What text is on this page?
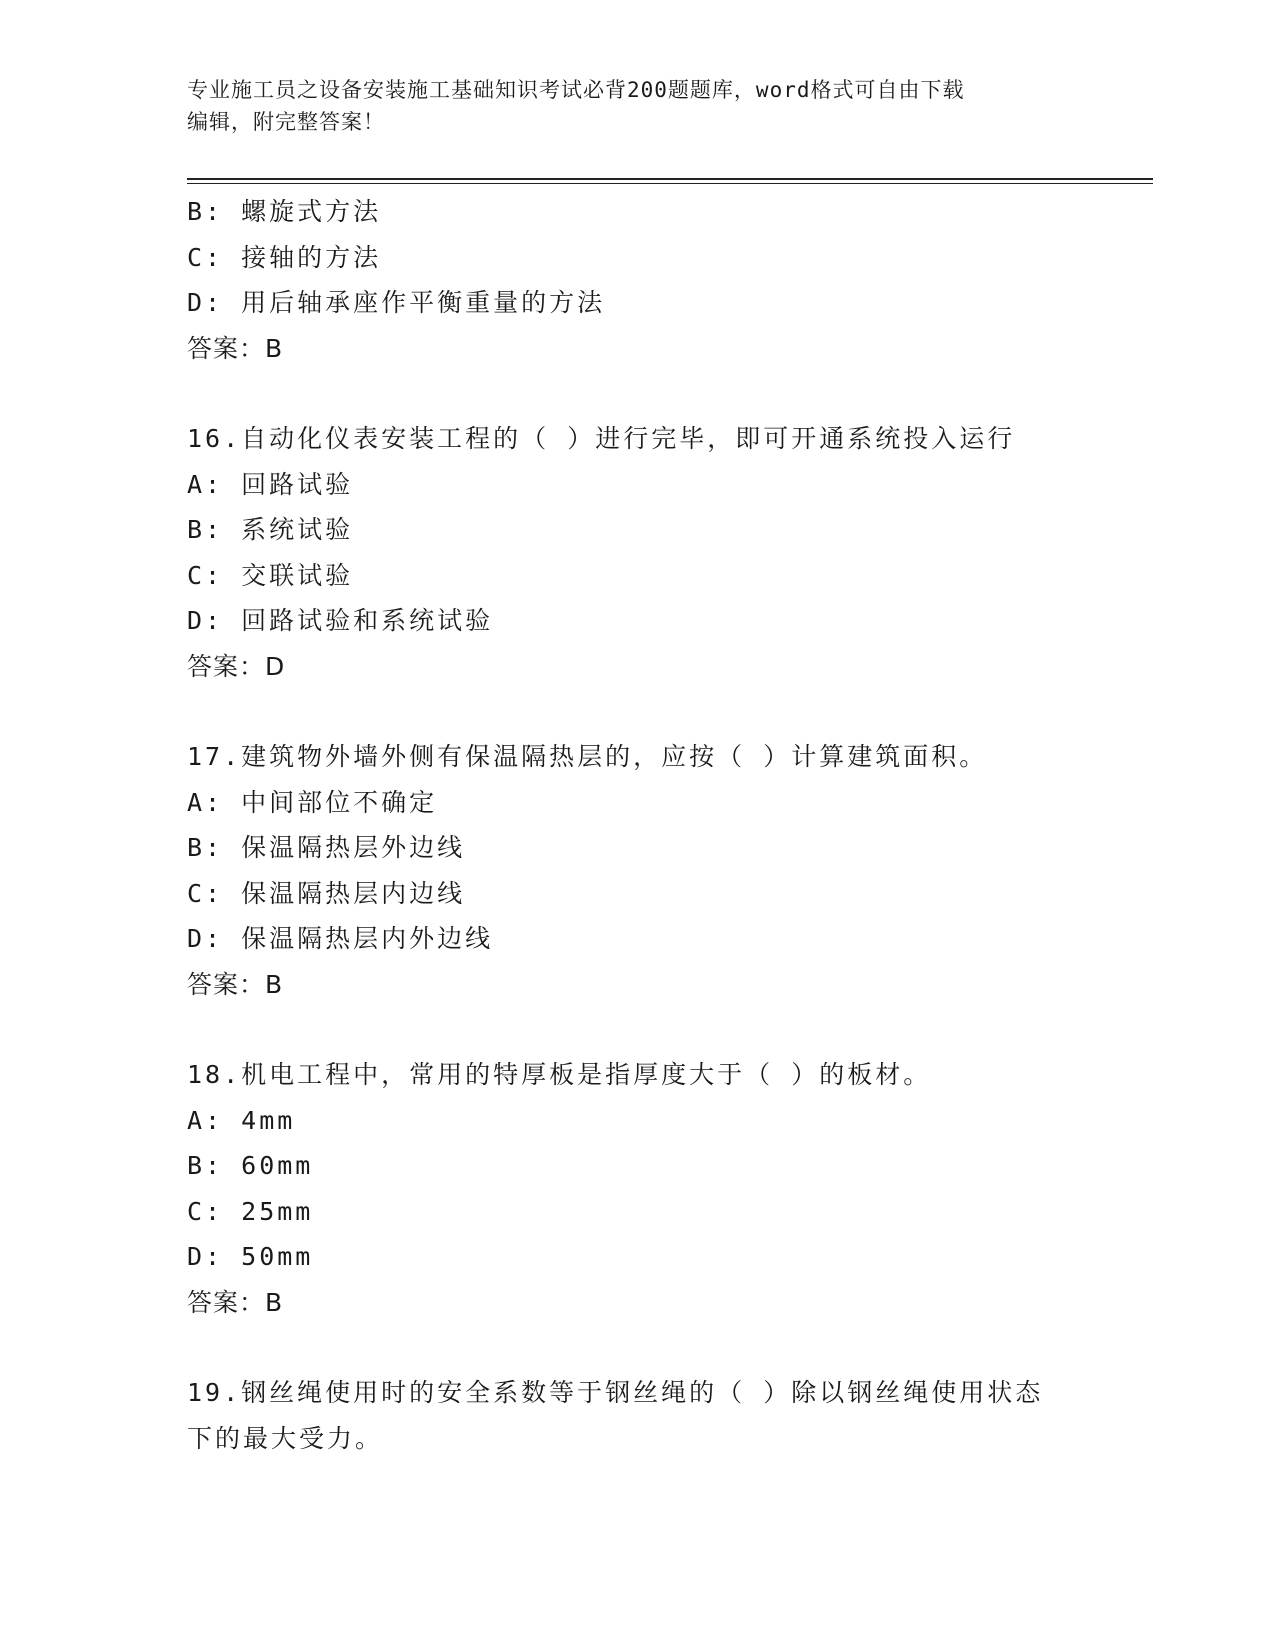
专业施工员之设备安装施工基础知识考试必背200题题库，word格式可自由下载
编辑，附完整答案！
B: 螺旋式方法
C: 接轴的方法
D: 用后轴承座作平衡重量的方法
答案：B
16.自动化仪表安装工程的（ ）进行完毕，即可开通系统投入运行
A: 回路试验
B: 系统试验
C: 交联试验
D: 回路试验和系统试验
答案：D
17.建筑物外墙外侧有保温隔热层的，应按（ ）计算建筑面积。
A: 中间部位不确定
B: 保温隔热层外边线
C: 保温隔热层内边线
D: 保温隔热层内外边线
答案：B
18.机电工程中，常用的特厚板是指厚度大于（ ）的板材。
A: 4mm
B: 60mm
C: 25mm
D: 50mm
答案：B
19.钢丝绳使用时的安全系数等于钢丝绳的（ ）除以钢丝绳使用状态
下的最大受力。
